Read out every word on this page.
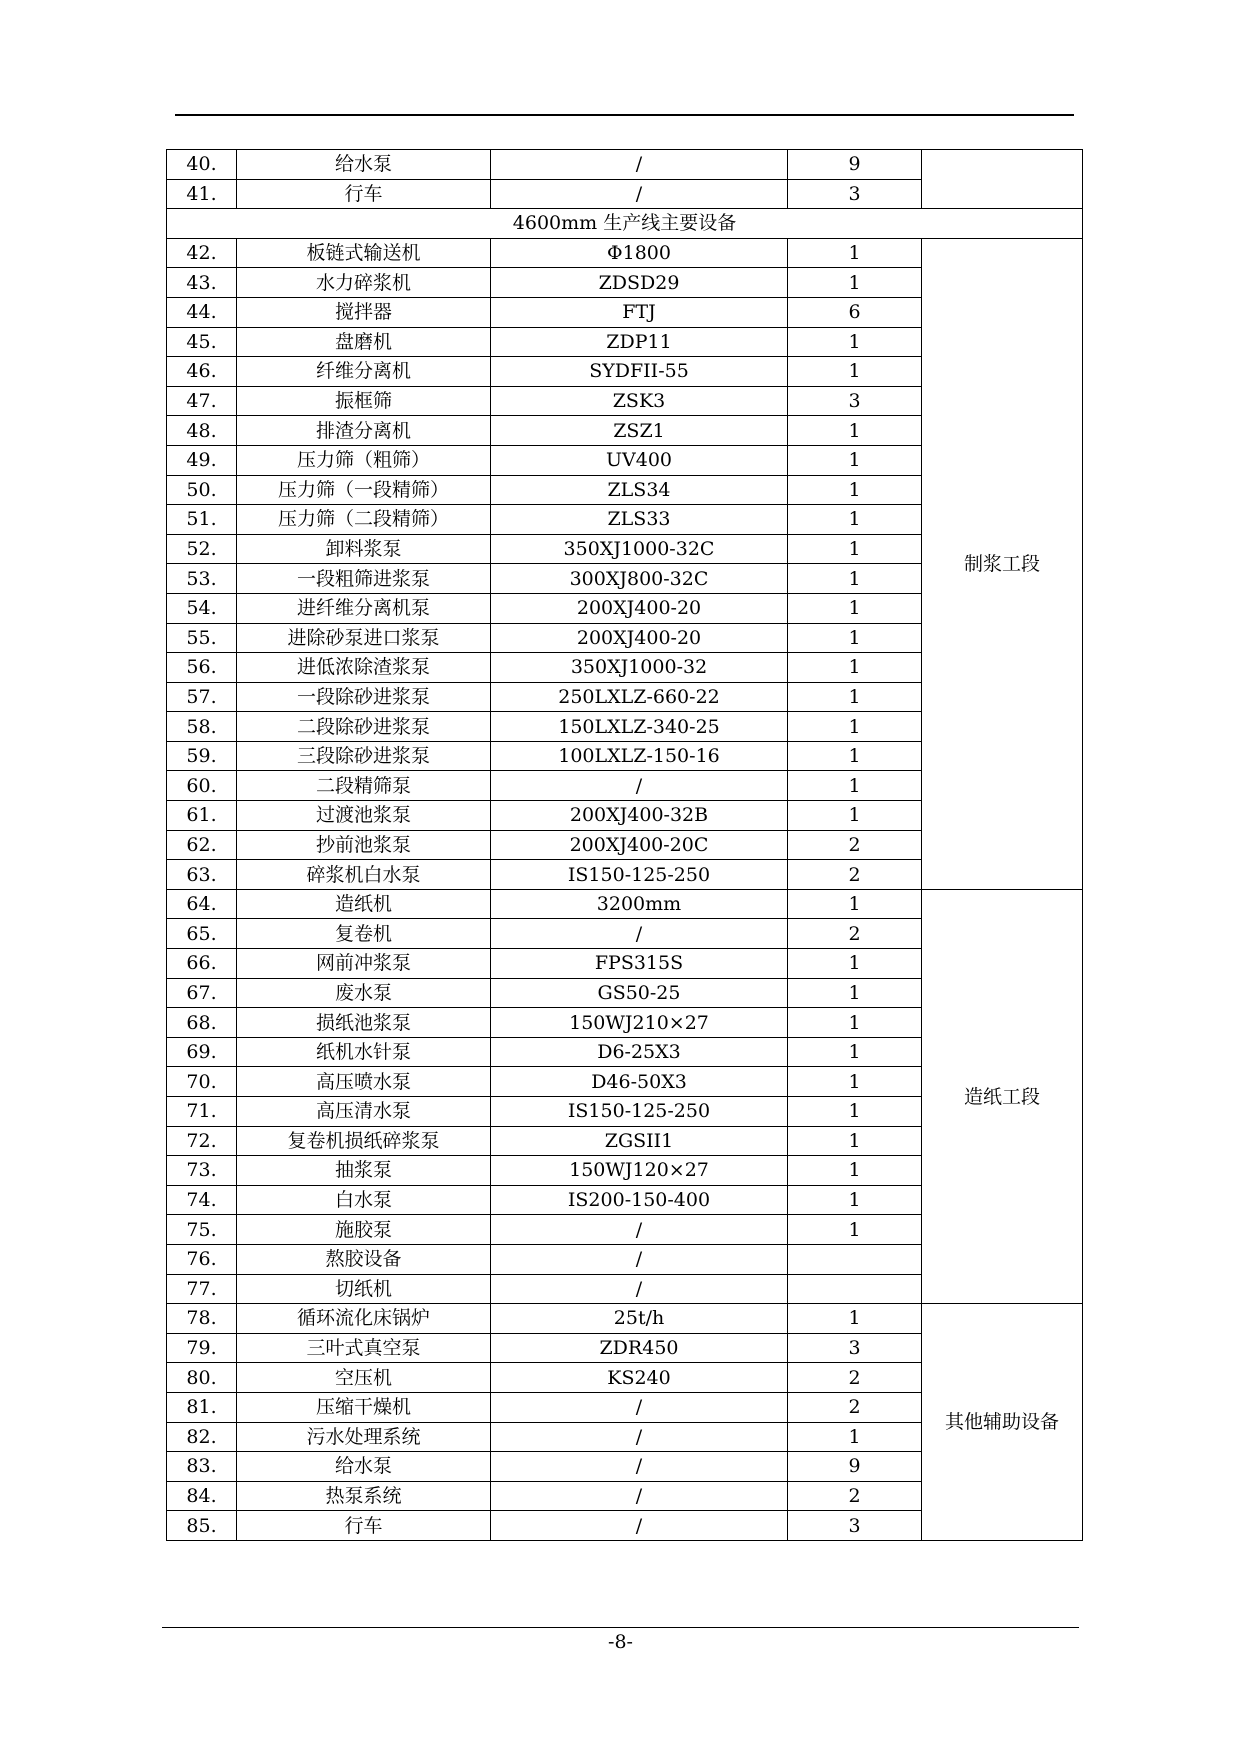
40.	给水泵	/	9	
41.	行车	/	3	
4600mm 生产线主要设备				
42.	板链式输送机	Φ1800	1	制浆工段
43.	水力碎浆机	ZDSD29	1	
44.	搅拌器	FTJ	6	
45.	盘磨机	ZDP11	1	
46.	纤维分离机	SYDFII-55	1	
47.	振框筛	ZSK3	3	
48.	排渣分离机	ZSZ1	1	
49.	压力筛（粗筛）	UV400	1	
50.	压力筛（一段精筛）	ZLS34	1	
51.	压力筛（二段精筛）	ZLS33	1	
52.	卸料浆泵	350XJ1000-32C	1	
53.	一段粗筛进浆泵	300XJ800-32C	1	
54.	进纤维分离机泵	200XJ400-20	1	
55.	进除砂泵进口浆泵	200XJ400-20	1	
56.	进低浓除渣浆泵	350XJ1000-32	1	
57.	一段除砂进浆泵	250LXLZ-660-22	1	
58.	二段除砂进浆泵	150LXLZ-340-25	1	
59.	三段除砂进浆泵	100LXLZ-150-16	1	
60.	二段精筛泵	/	1	
61.	过渡池浆泵	200XJ400-32B	1	
62.	抄前池浆泵	200XJ400-20C	2	
63.	碎浆机白水泵	IS150-125-250	2	
64.	造纸机	3200mm	1	造纸工段
65.	复卷机	/	2	
66.	网前冲浆泵	FPS315S	1	
67.	废水泵	GS50-25	1	
68.	损纸池浆泵	150WJ210×27	1	
69.	纸机水针泵	D6-25X3	1	
70.	高压喷水泵	D46-50X3	1	
71.	高压清水泵	IS150-125-250	1	
72.	复卷机损纸碎浆泵	ZGSII1	1	
73.	抽浆泵	150WJ120×27	1	
74.	白水泵	IS200-150-400	1	
75.	施胶泵	/	1	
76.	熬胶设备	/		
77.	切纸机	/		
78.	循环流化床锅炉	25t/h	1	其他辅助设备
79.	三叶式真空泵	ZDR450	3	
80.	空压机	KS240	2	
81.	压缩干燥机	/	2	
82.	污水处理系统	/	1	
83.	给水泵	/	9	
84.	热泵系统	/	2	
85.	行车	/	3	
-8-
